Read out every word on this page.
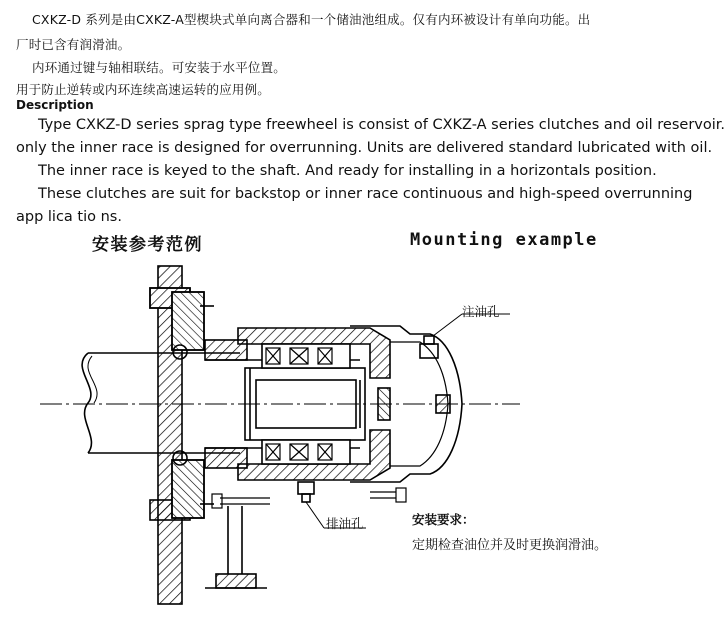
CXKZ-D 系列是由CXKZ-A型楔块式单向离合器和一个储油池组成。仅有内环被设计有单向功能。出
厂时已含有润滑油。
内环通过键与轴相联结。可安装于水平位置。
用于防止逆转或内环连续高速运转的应用例。
Description
Type CXKZ-D series sprag type freewheel is consist of CXKZ-A series clutches and oil reservoir.
only the inner race is designed for overrunning. Units are delivered standard lubricated with oil.
The inner race is keyed to the shaft. And ready for installing in a horizontals position.
These clutches are suit for backstop or inner race continuous and high-speed overrunning
app lica tio ns.
安装参考范例	Mounting example
注油孔
排油孔	安装要求：
定期检查油位并及时更换润滑油。
